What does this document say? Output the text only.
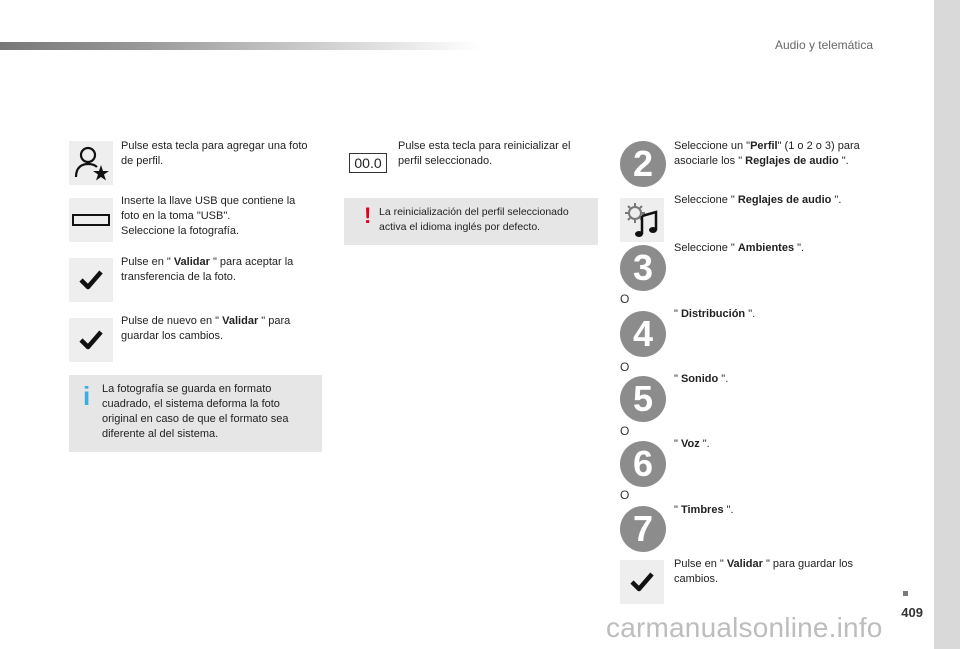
Audio y telemática
Pulse esta tecla para agregar una foto de perfil.
Inserte la llave USB que contiene la
foto en la toma "USB".
Seleccione la fotografía.
Pulse en " Validar " para aceptar la transferencia de la foto.
Pulse de nuevo en " Validar " para guardar los cambios.
i La fotografía se guarda en formato cuadrado, el sistema deforma la foto original en caso de que el formato sea diferente al del sistema.
00.0
Pulse esta tecla para reinicializar el perfil seleccionado.
! La reinicialización del perfil seleccionado activa el idioma inglés por defecto.
2	Seleccione un "Perfil" (1 o 2 o 3) para asociarle los " Reglajes de audio ".
Seleccione " Reglajes de audio ".
3	Seleccione " Ambientes ".
O
4	" Distribución ".
O
5	" Sonido ".
O
6	" Voz ".
O
7	" Timbres ".
Pulse en " Validar " para guardar los cambios.
409
carmanualsonline.info
